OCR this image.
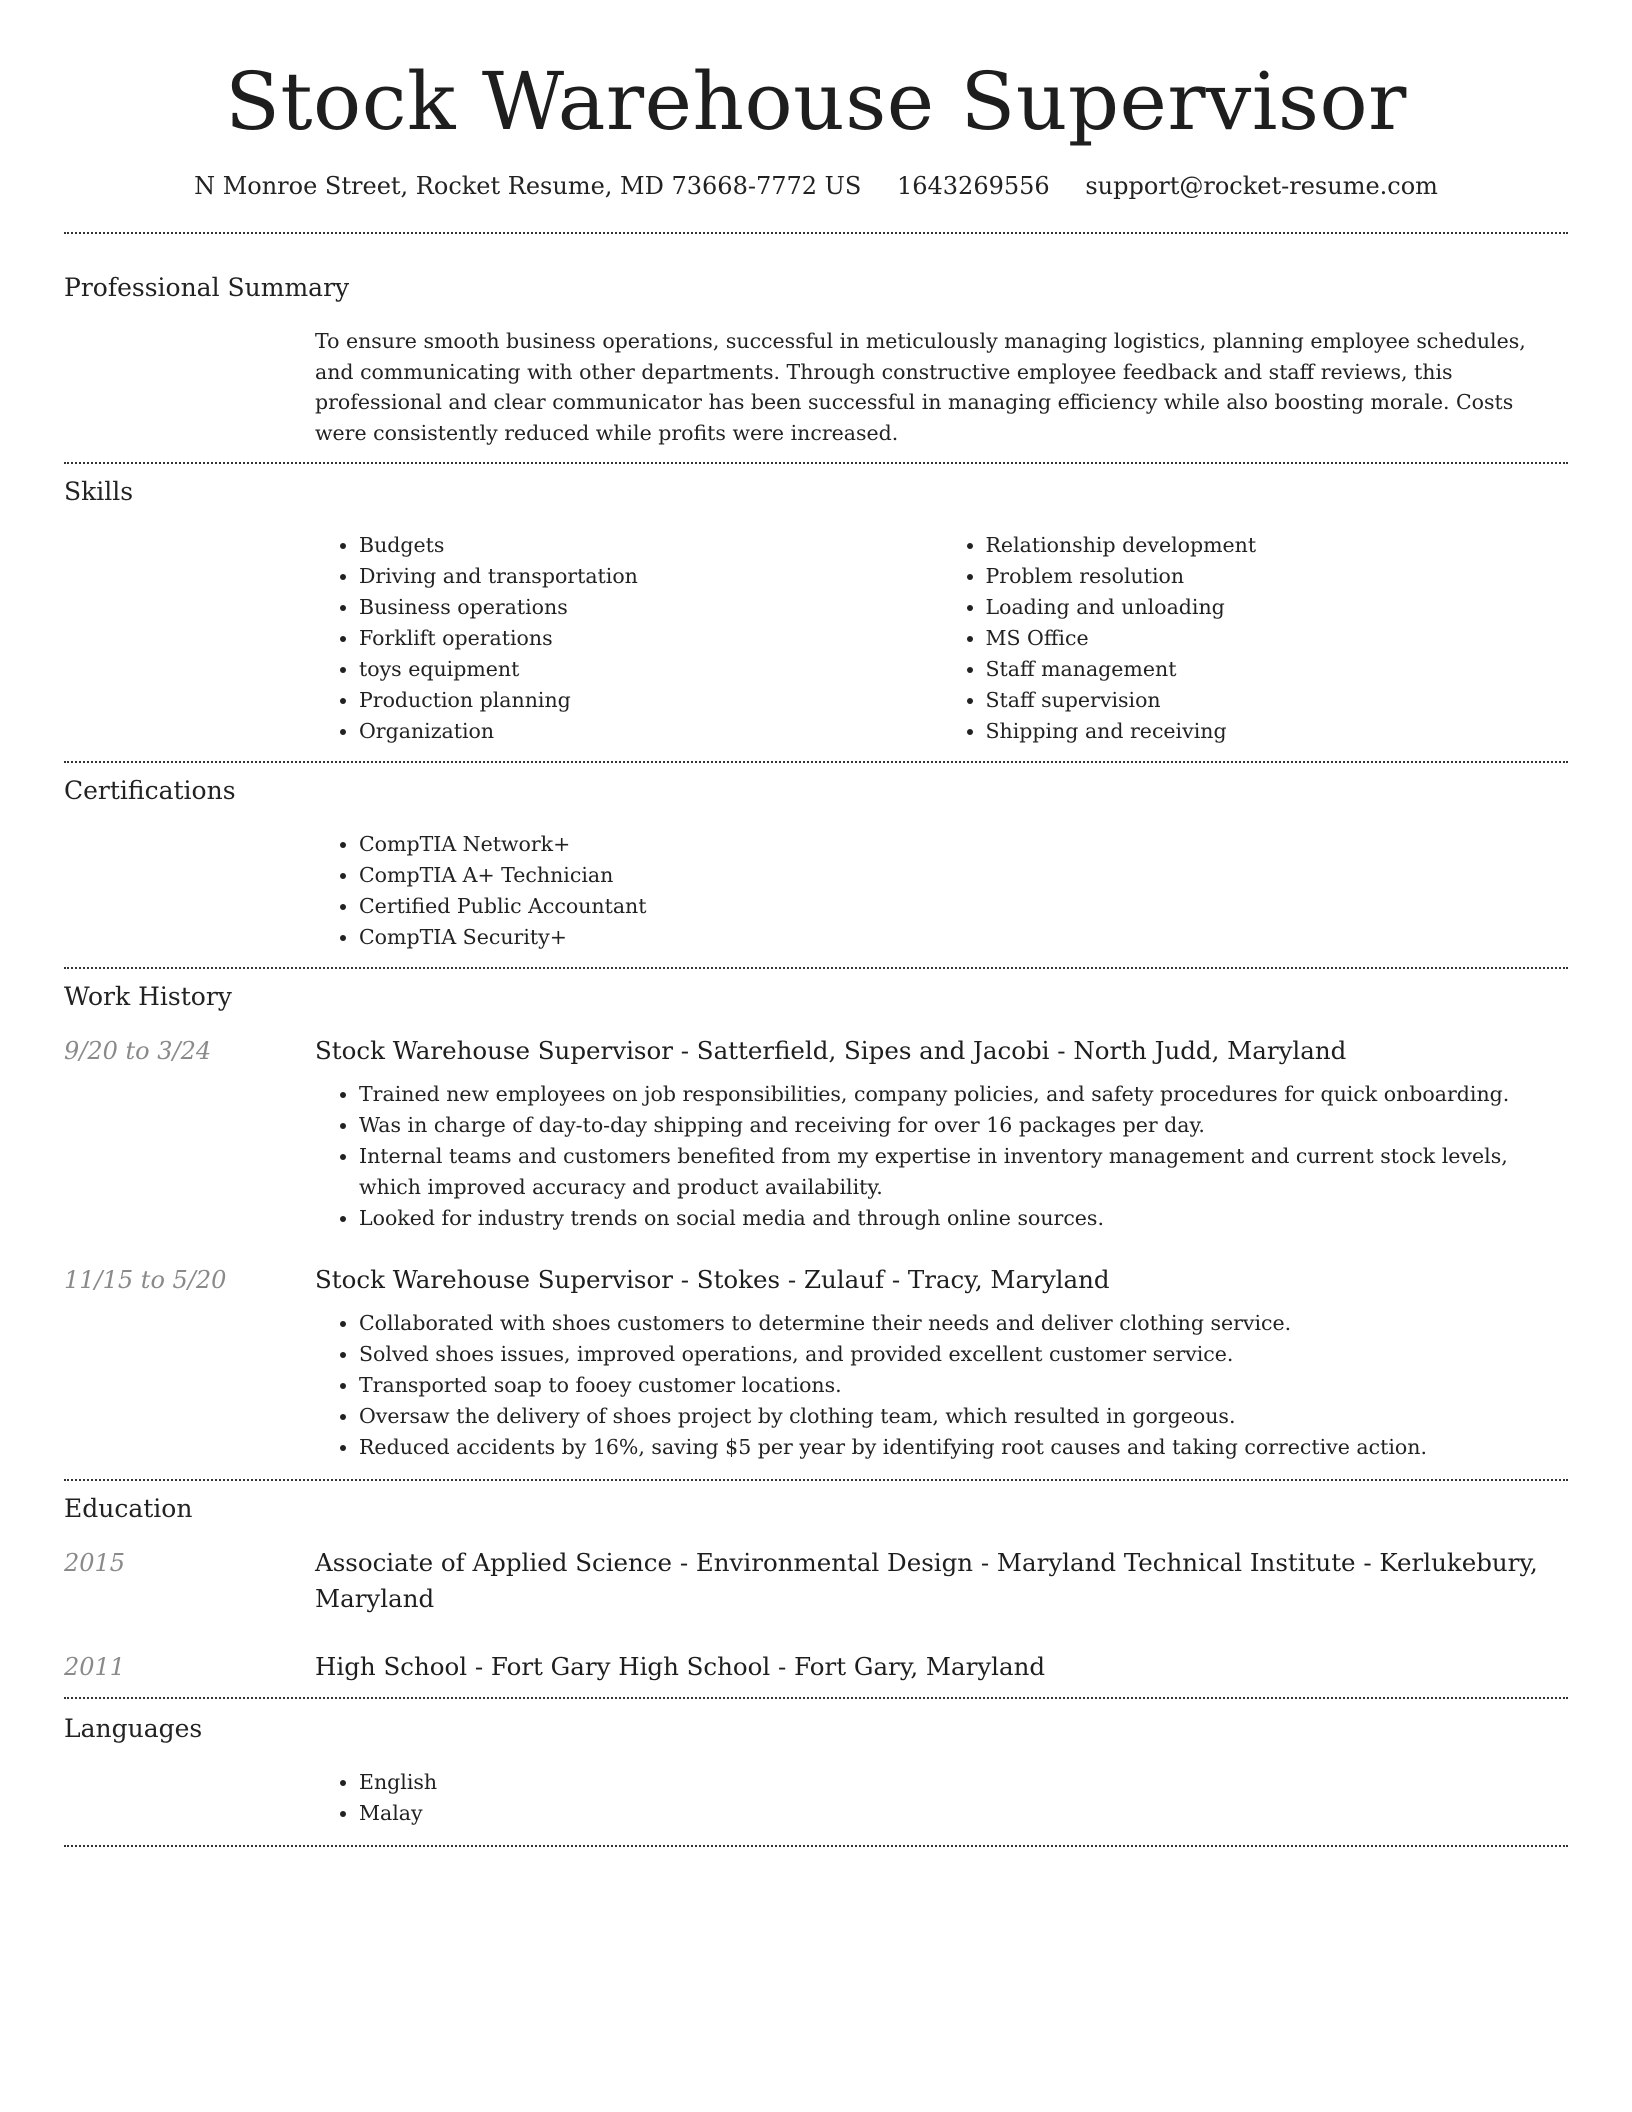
Stock Warehouse Supervisor
N Monroe Street, Rocket Resume, MD 73668-7772 US 1643269556 support@rocket-resume.com
Professional Summary

To ensure smooth business operations, successful in meticulously managing logistics, planning employee schedules, and communicating with other departments. Through constructive employee feedback and staff reviews, this professional and clear communicator has been successful in managing efficiency while also boosting morale. Costs were consistently reduced while profits were increased.

Skills
• Budgets
• Driving and transportation
• Business operations
• Forklift operations
• toys equipment
• Production planning
• Organization
• Relationship development
• Problem resolution
• Loading and unloading
• MS Office
• Staff management
• Staff supervision
• Shipping and receiving
Certifications
• CompTIA Network+
• CompTIA A+ Technician
• Certified Public Accountant
• CompTIA Security+
Work History
9/20 to 3/24	Stock Warehouse Supervisor - Satterfield, Sipes and Jacobi - North Judd, Maryland

• Trained new employees on job responsibilities, company policies, and safety procedures for quick onboarding.
• Was in charge of day-to-day shipping and receiving for over 16 packages per day.
• Internal teams and customers benefited from my expertise in inventory management and current stock levels, which improved accuracy and product availability.
• Looked for industry trends on social media and through online sources.
11/15 to 5/20	Stock Warehouse Supervisor - Stokes - Zulauf - Tracy, Maryland

• Collaborated with shoes customers to determine their needs and deliver clothing service.
• Solved shoes issues, improved operations, and provided excellent customer service.
• Transported soap to fooey customer locations.
• Oversaw the delivery of shoes project by clothing team, which resulted in gorgeous.
• Reduced accidents by 16%, saving $5 per year by identifying root causes and taking corrective action.
Education
2015	Associate of Applied Science - Environmental Design - Maryland Technical Institute - Kerlukebury, Maryland

2011	High School - Fort Gary High School - Fort Gary, Maryland

Languages
• English
• Malay
